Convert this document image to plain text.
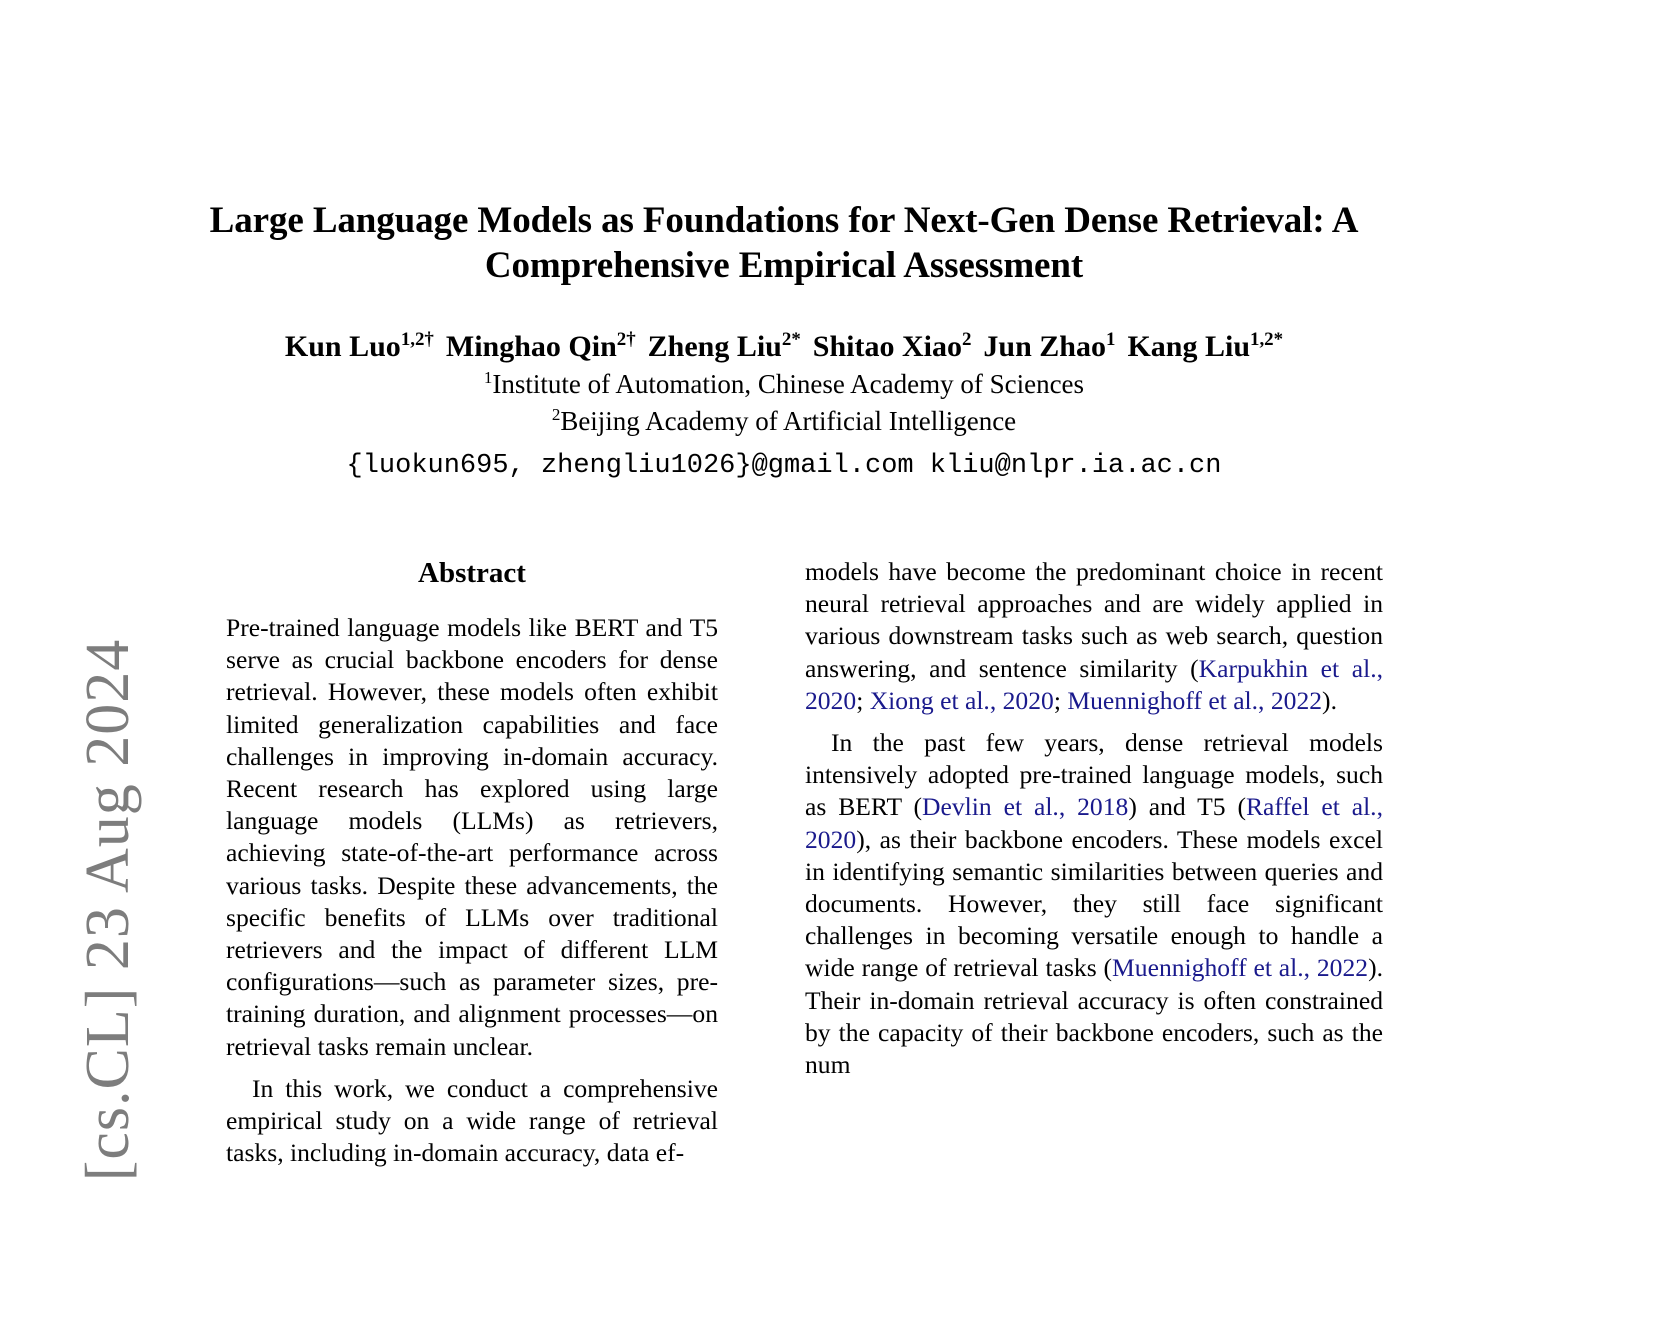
[cs.CL] 23 Aug 2024
Large Language Models as Foundations for Next-Gen Dense Retrieval: A Comprehensive Empirical Assessment
Kun Luo$^{1,2\dagger}$ Minghao Qin$^{2\dagger}$ Zheng Liu$^{2*}$ Shitao Xiao$^2$ Jun Zhao$^1$ Kang Liu$^{1,2*}$
$^1$Institute of Automation, Chinese Academy of Sciences
$^2$Beijing Academy of Artificial Intelligence
{luokun695, zhengliu1026}@gmail.com kliu@nlpr.ia.ac.cn
Abstract

Pre-trained language models like BERT and T5 serve as crucial backbone encoders for dense retrieval. However, these models often exhibit limited generalization capabilities and face challenges in improving in-domain accuracy. Recent research has explored using large language models (LLMs) as retrievers, achieving state-of-the-art performance across various tasks. Despite these advancements, the specific benefits of LLMs over traditional retrievers and the impact of different LLM configurations—such as parameter sizes, pre-training duration, and alignment processes—on retrieval tasks remain unclear.

In this work, we conduct a comprehensive empirical study on a wide range of retrieval tasks, including in-domain accuracy, data ef-

models have become the predominant choice in recent neural retrieval approaches and are widely applied in various downstream tasks such as web search, question answering, and sentence similarity (Karpukhin et al., 2020; Xiong et al., 2020; Muennighoff et al., 2022).

In the past few years, dense retrieval models intensively adopted pre-trained language models, such as BERT (Devlin et al., 2018) and T5 (Raffel et al., 2020), as their backbone encoders. These models excel in identifying semantic similarities between queries and documents. However, they still face significant challenges in becoming versatile enough to handle a wide range of retrieval tasks (Muennighoff et al., 2022). Their in-domain retrieval accuracy is often constrained by the capacity of their backbone encoders, such as the num
